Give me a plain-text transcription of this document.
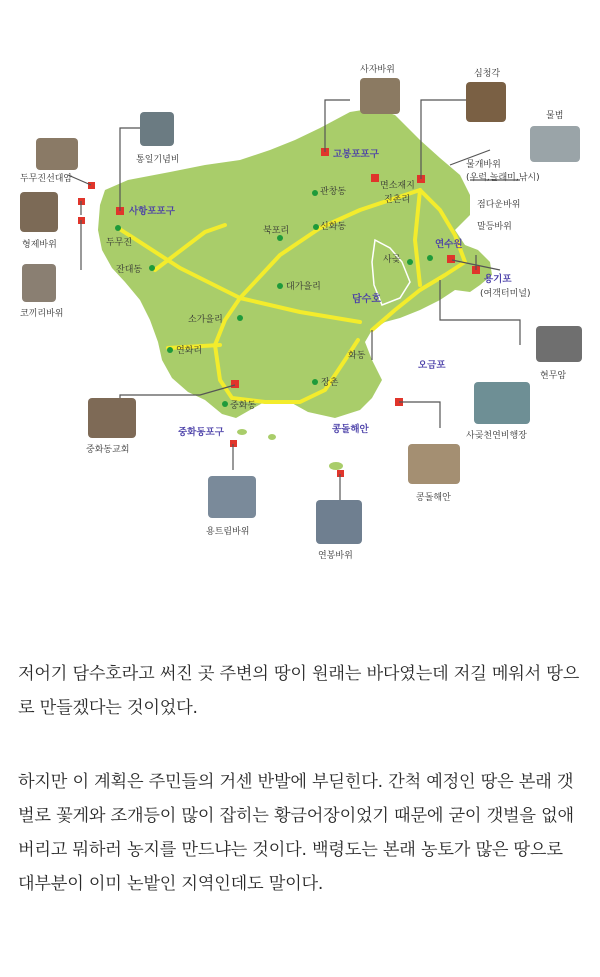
사항포포구
고봉포포구
용기포
(여객터미널)
중화동포구
오금포
담수호
콩돌해안
두무진
잔대동
북포리
관창동
신화동
대가을리
소가을리
연화리
중화동
장촌
화동
사곶
면소재지
진촌리
연수원
사자바위	심청각
물범
통일기념비
두무진선대암
형제바위
코끼리바위
물개바위
(우럭,놀래미,낚시)
점다운바위
말등바위
현무암
사곶천연비행장
콩돌해안
중화동교회
용트림바위
연봉바위

저어기 담수호라고 써진 곳 주변의 땅이 원래는 바다였는데 저길 메워서 땅으로 만들겠다는 것이었다.

하지만 이 계획은 주민들의 거센 반발에 부딛힌다. 간척 예정인 땅은 본래 갯벌로 꽃게와 조개등이 많이 잡히는 황금어장이었기 때문에 굳이 갯벌을 없애버리고 뭐하러 농지를 만드냐는 것이다. 백령도는 본래 농토가 많은 땅으로 대부분이 이미 논밭인 지역인데도 말이다.
